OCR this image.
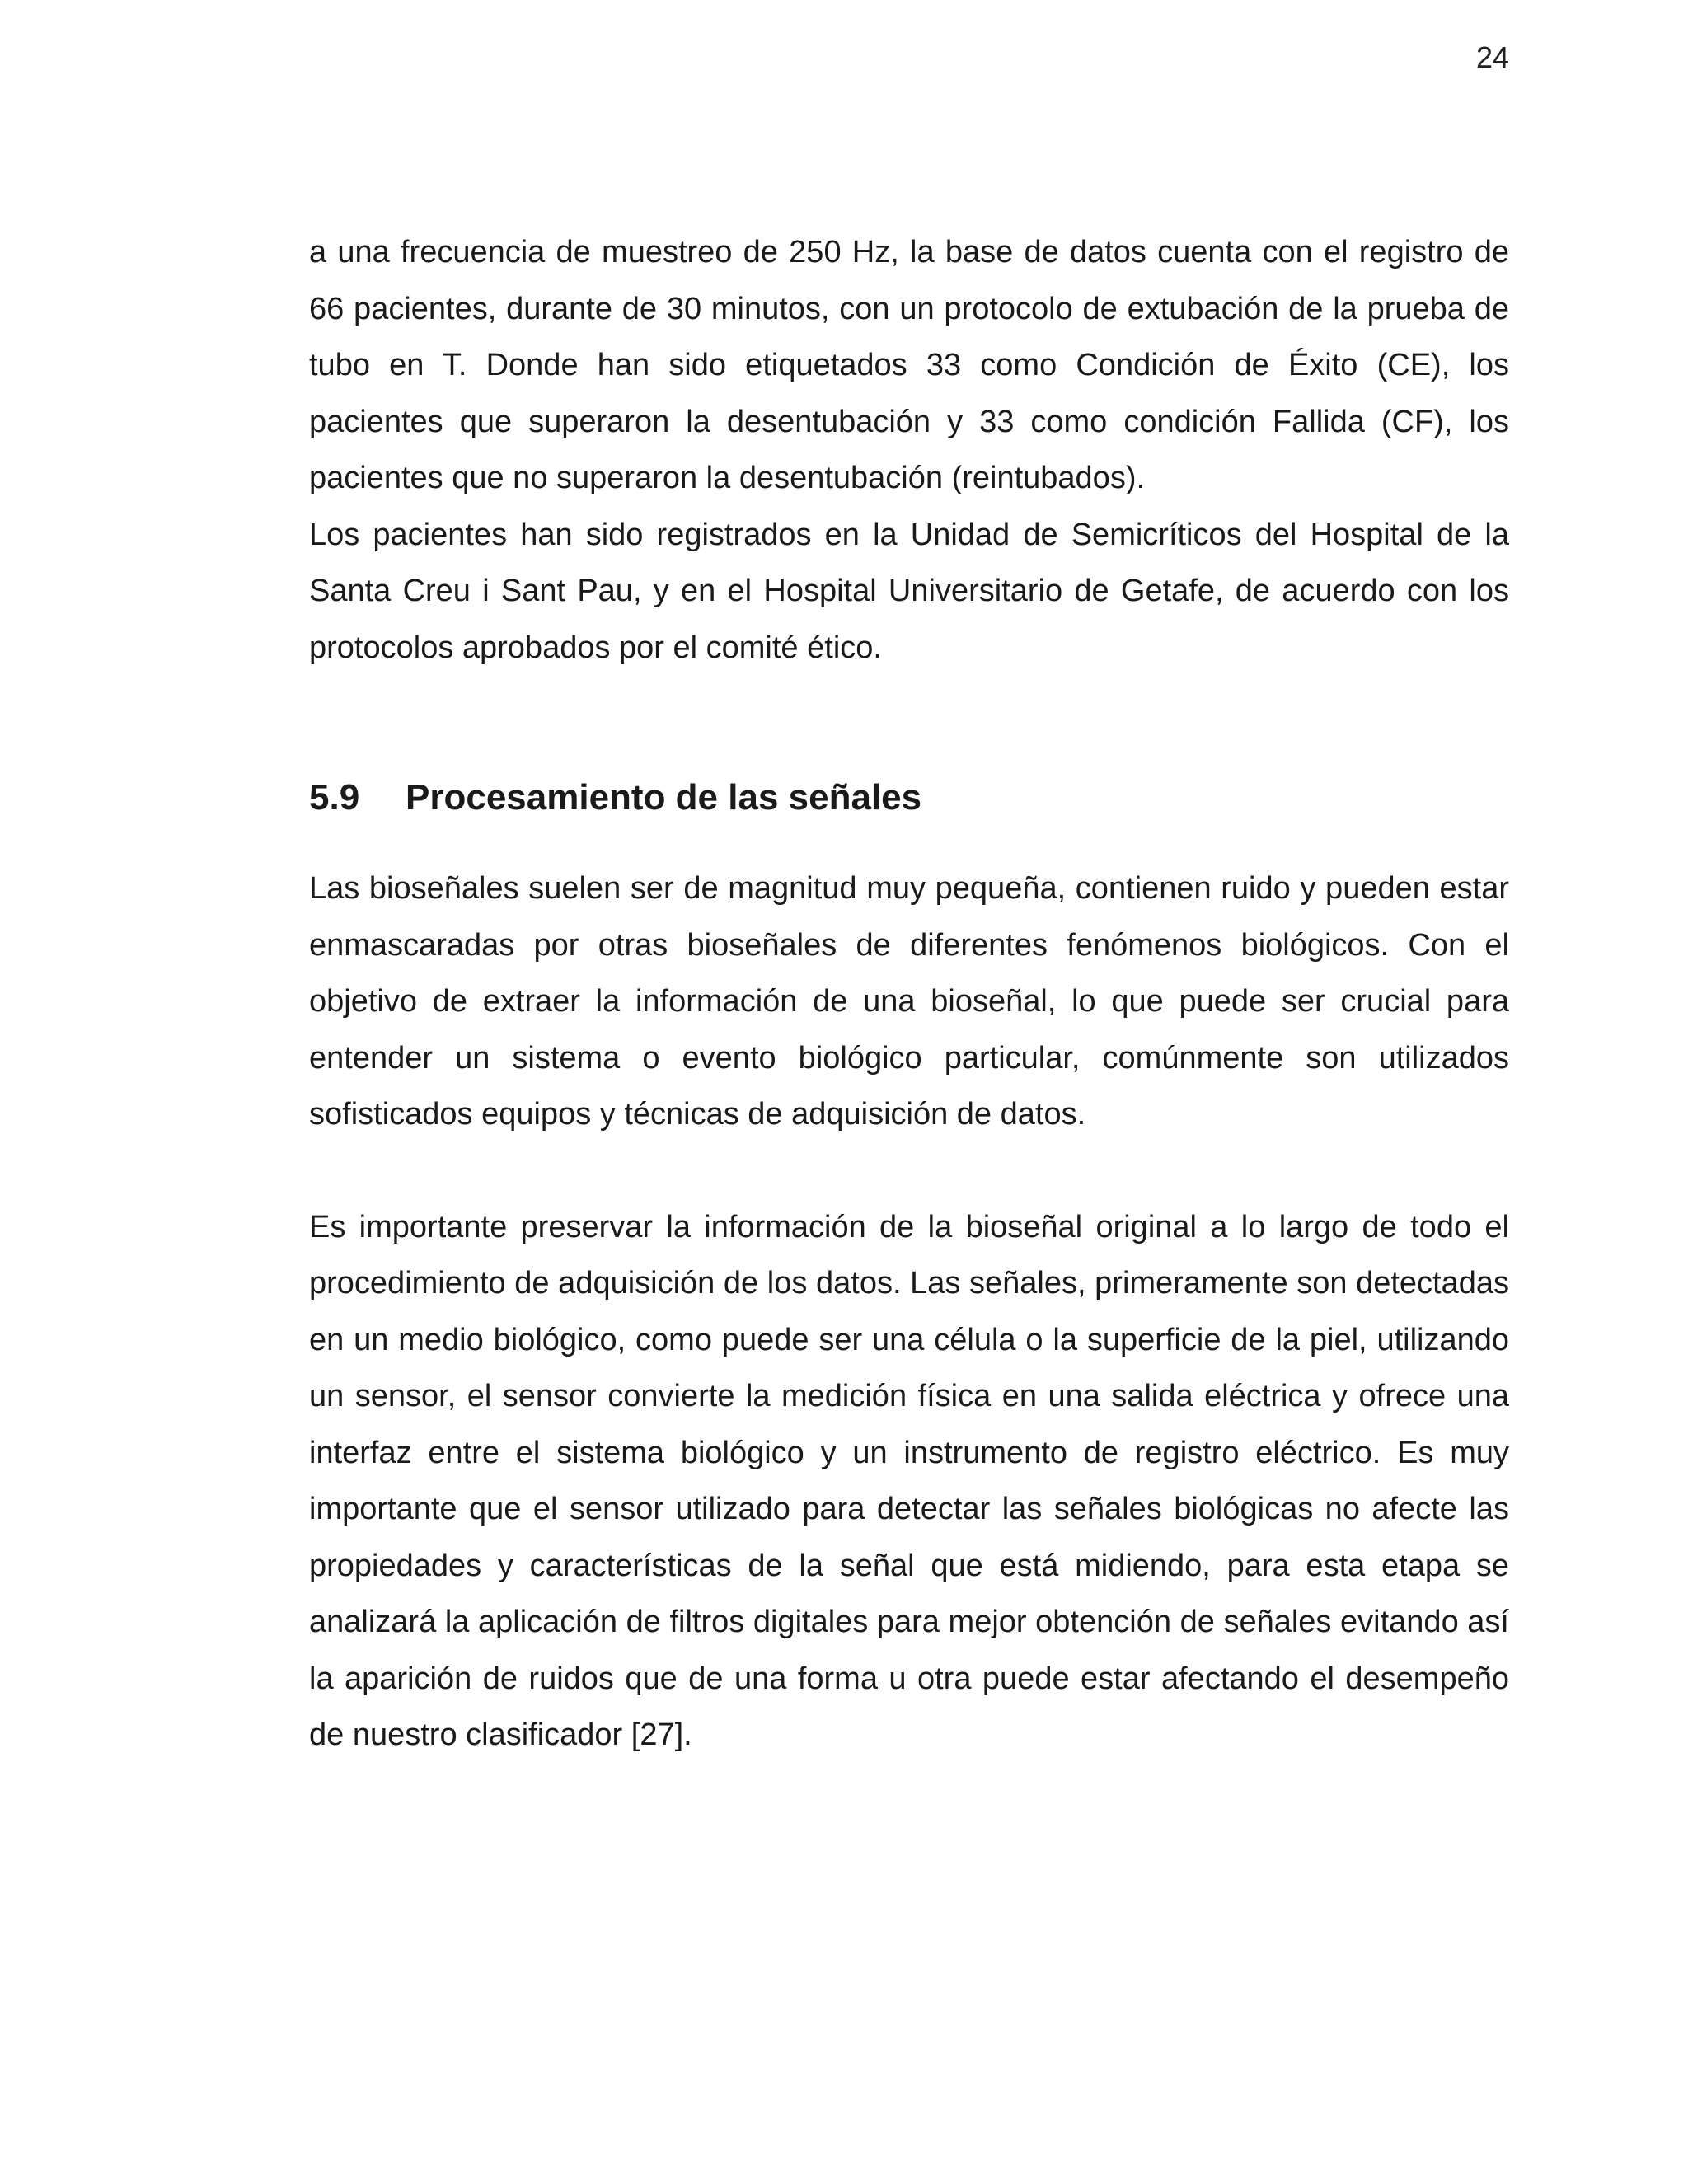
24

a una frecuencia de muestreo de 250 Hz, la base de datos cuenta con el registro de 66 pacientes, durante de 30 minutos, con un protocolo de extubación de la prueba de tubo en T. Donde han sido etiquetados 33 como Condición de Éxito (CE), los pacientes que superaron la desentubación y 33 como condición Fallida (CF), los pacientes que no superaron la desentubación (reintubados).

Los pacientes han sido registrados en la Unidad de Semicríticos del Hospital de la Santa Creu i Sant Pau, y en el Hospital Universitario de Getafe, de acuerdo con los protocolos aprobados por el comité ético.

5.9	Procesamiento de las señales

Las bioseñales suelen ser de magnitud muy pequeña, contienen ruido y pueden estar enmascaradas por otras bioseñales de diferentes fenómenos biológicos. Con el objetivo de extraer la información de una bioseñal, lo que puede ser crucial para entender un sistema o evento biológico particular, comúnmente son utilizados sofisticados equipos y técnicas de adquisición de datos.

Es importante preservar la información de la bioseñal original a lo largo de todo el procedimiento de adquisición de los datos. Las señales, primeramente son detectadas en un medio biológico, como puede ser una célula o la superficie de la piel, utilizando un sensor, el sensor convierte la medición física en una salida eléctrica y ofrece una interfaz entre el sistema biológico y un instrumento de registro eléctrico. Es muy importante que el sensor utilizado para detectar las señales biológicas no afecte las propiedades y características de la señal que está midiendo, para esta etapa se analizará la aplicación de filtros digitales para mejor obtención de señales evitando así la aparición de ruidos que de una forma u otra puede estar afectando el desempeño de nuestro clasificador [27].
